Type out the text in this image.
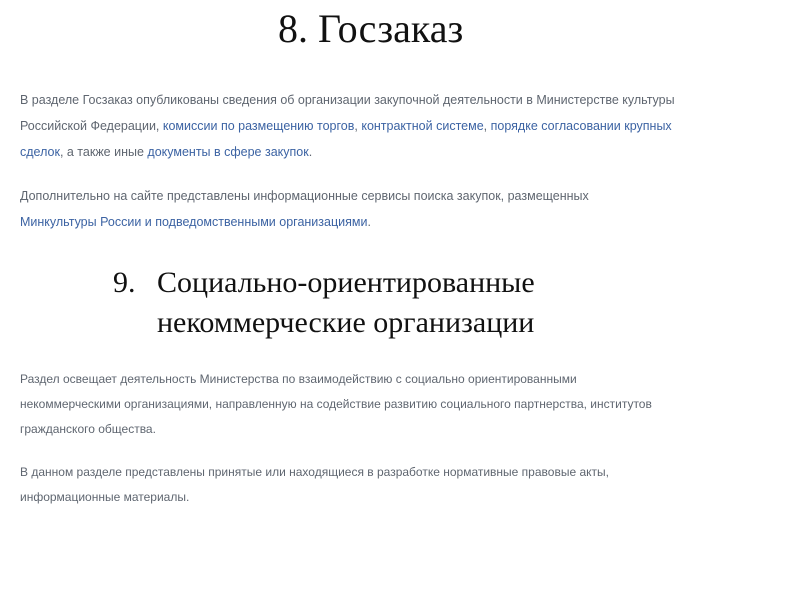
8. Госзаказ

В разделе Госзаказ опубликованы сведения об организации закупочной деятельности в Министерстве культуры
Российской Федерации, комиссии по размещению торгов, контрактной системе, порядке согласовании крупных
сделок, а также иные документы в сфере закупок.

Дополнительно на сайте представлены информационные сервисы поиска закупок, размещенных
Минкультуры России и подведомственными организациями.

9. Социально-ориентированные
некоммерческие организации

Раздел освещает деятельность Министерства по взаимодействию с социально ориентированными
некоммерческими организациями, направленную на содействие развитию социального партнерства, институтов
гражданского общества.

В данном разделе представлены принятые или находящиеся в разработке нормативные правовые акты,
информационные материалы.
